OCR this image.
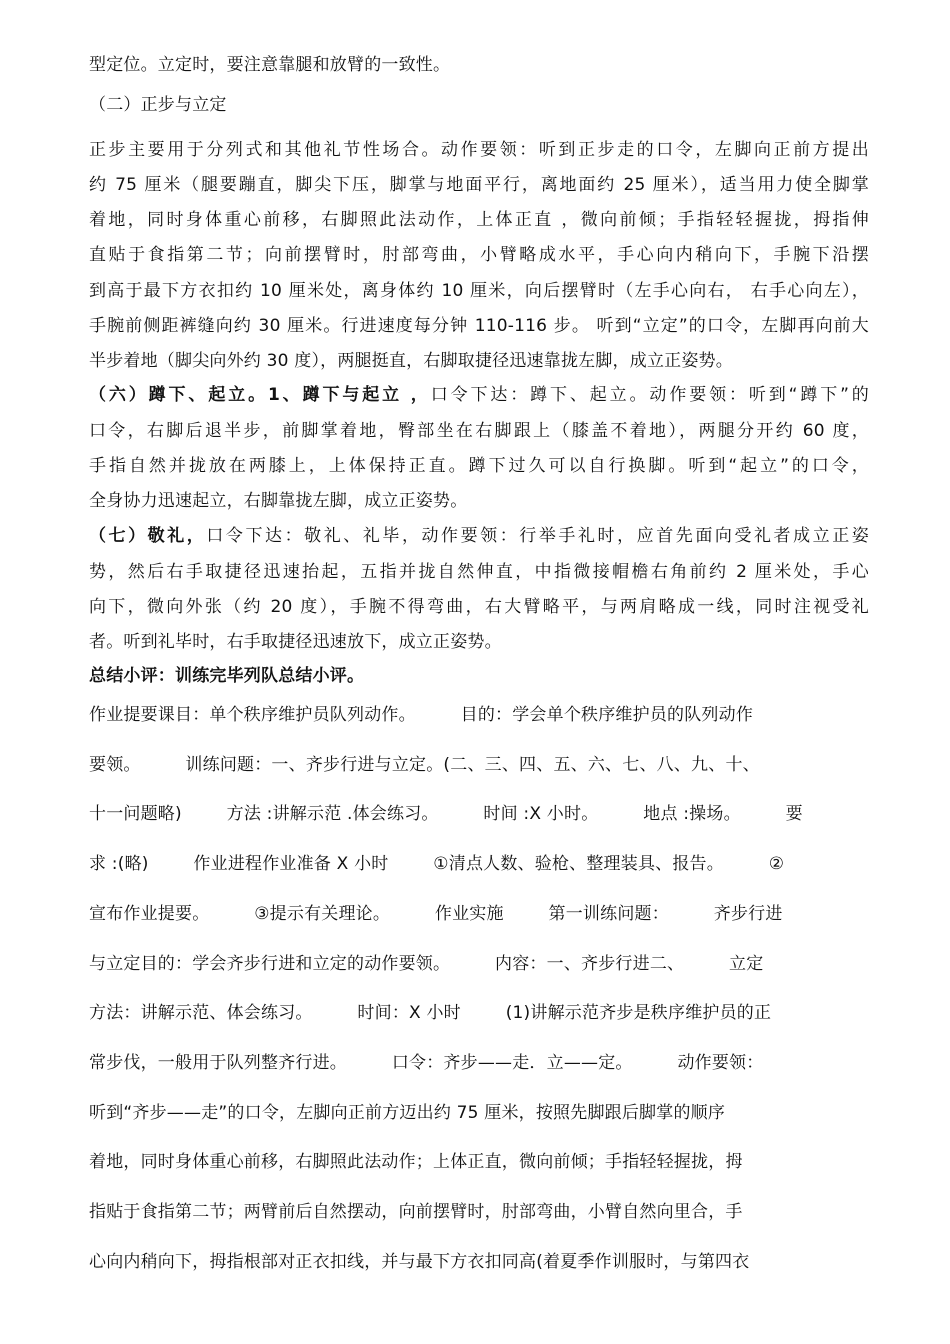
型定位。立定时，要注意靠腿和放臂的一致性。
（二）正步与立定
正步主要用于分列式和其他礼节性场合。动作要领：听到正步走的口令，左脚向正前方提出
约 75 厘米（腿要蹦直，脚尖下压，脚掌与地面平行，离地面约 25 厘米），适当用力使全脚掌
着地，同时身体重心前移，右脚照此法动作，上体正直 ，微向前倾；手指轻轻握拢，拇指伸
直贴于食指第二节；向前摆臂时，肘部弯曲，小臂略成水平，手心向内稍向下，手腕下沿摆
到高于最下方衣扣约 10 厘米处，离身体约 10 厘米，向后摆臂时（左手心向右， 右手心向左），
手腕前侧距裤缝向约 30 厘米。行进速度每分钟 110-116 步。 听到“立定”的口令，左脚再向前大
半步着地（脚尖向外约 30 度），两腿挺直，右脚取捷径迅速靠拢左脚，成立正姿势。
（六）蹲下、起立。1、蹲下与起立 ，口令下达：蹲下、起立。动作要领：听到“蹲下”的
口令，右脚后退半步，前脚掌着地，臀部坐在右脚跟上（膝盖不着地），两腿分开约 60 度，
手指自然并拢放在两膝上，上体保持正直。蹲下过久可以自行换脚。听到“起立”的口令，
全身协力迅速起立，右脚靠拢左脚，成立正姿势。
（七）敬礼，口令下达：敬礼、礼毕，动作要领：行举手礼时，应首先面向受礼者成立正姿
势，然后右手取捷径迅速抬起，五指并拢自然伸直，中指微接帽檐右角前约 2 厘米处，手心
向下，微向外张（约 20 度），手腕不得弯曲，右大臂略平，与两肩略成一线，同时注视受礼
者。听到礼毕时，右手取捷径迅速放下，成立正姿势。
总结小评：训练完毕列队总结小评。
作业提要课目：单个秩序维护员队列动作。        目的：学会单个秩序维护员的队列动作
要领。        训练问题：一、齐步行进与立定。(二、三、四、五、六、七、八、九、十、
十一问题略)        方法 :讲解示范 .体会练习。        时间 :X 小时。        地点 :操场。        要
求 :(略)        作业进程作业准备 X 小时        ①清点人数、验枪、整理装具、报告。        ②
宣布作业提要。        ③提示有关理论。        作业实施        第一训练问题：        齐步行进
与立定目的：学会齐步行进和立定的动作要领。        内容：一、齐步行进二、        立定
方法：讲解示范、体会练习。        时间：X 小时        (1)讲解示范齐步是秩序维护员的正
常步伐，一般用于队列整齐行进。        口令：齐步——走．立——定。        动作要领：
听到“齐步——走”的口令，左脚向正前方迈出约 75 厘米，按照先脚跟后脚掌的顺序
着地，同时身体重心前移，右脚照此法动作；上体正直，微向前倾；手指轻轻握拢，拇
指贴于食指第二节；两臂前后自然摆动，向前摆臂时，肘部弯曲，小臂自然向里合，手
心向内稍向下，拇指根部对正衣扣线，并与最下方衣扣同高(着夏季作训服时，与第四衣
